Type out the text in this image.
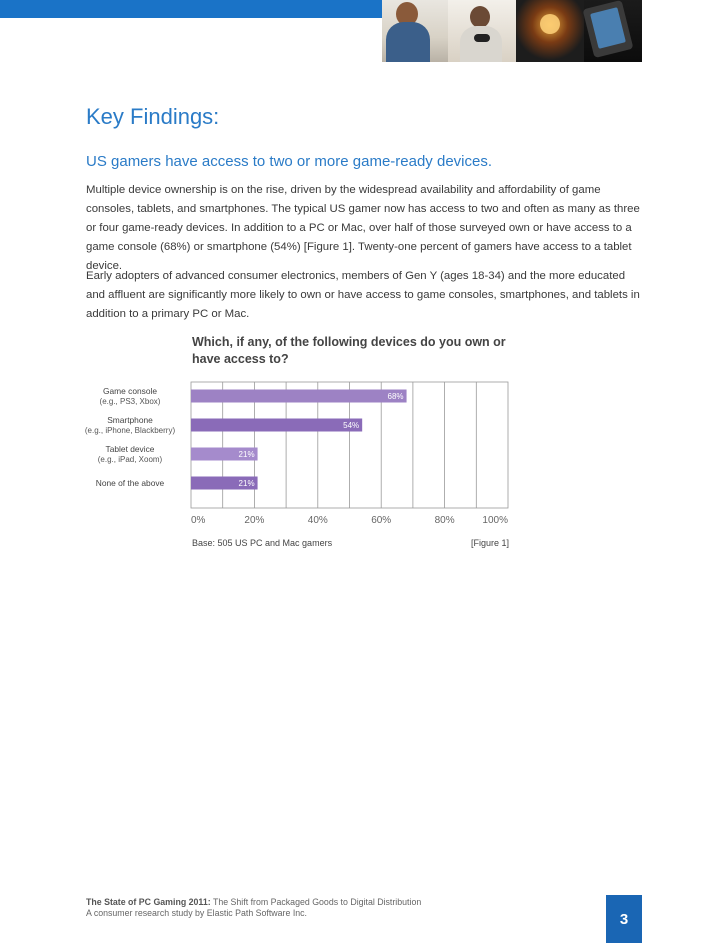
Key Findings:
US gamers have access to two or more game-ready devices.

Multiple device ownership is on the rise, driven by the widespread availability and affordability of game consoles, tablets, and smartphones. The typical US gamer now has access to two and often as many as three or four game-ready devices. In addition to a PC or Mac, over half of those surveyed own or have access to a game console (68%) or smartphone (54%) [Figure 1]. Twenty-one percent of gamers have access to a tablet device.

Early adopters of advanced consumer electronics, members of Gen Y (ages 18-34) and the more educated and affluent are significantly more likely to own or have access to game consoles, smartphones, and tablets in addition to a primary PC or Mac.

Which, if any, of the following devices do you own or have access to?
68%
Game console
(e.g., PS3, Xbox)
54%
Smartphone
(e.g., iPhone, Blackberry)
21%
Tablet device
(e.g., iPad, Xoom)
21%
None of the above
0%	20%	40%	60%	80%	100%
Base: 505 US PC and Mac gamers	[Figure 1]
The State of PC Gaming 2011: The Shift from Packaged Goods to Digital Distribution
A consumer research study by Elastic Path Software Inc.	3
